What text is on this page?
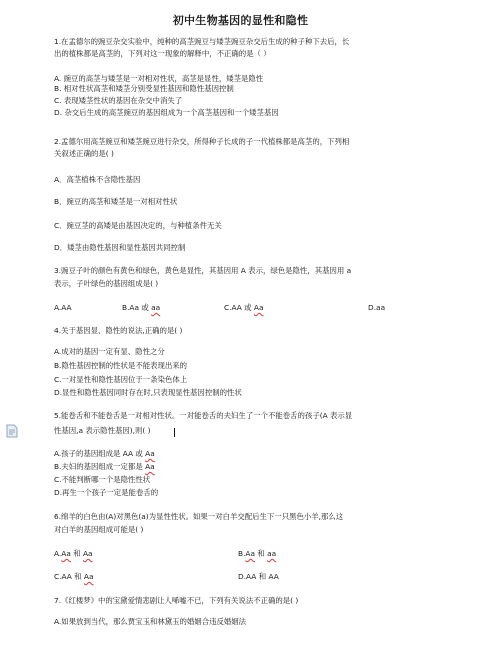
初中生物基因的显性和隐性
1.在孟德尔的豌豆杂交实验中，纯种的高茎豌豆与矮茎豌豆杂交后生成的种子种下去后，长
出的植株都是高茎的，下列对这一现象的解释中，不正确的是（ ）
A. 豌豆的高茎与矮茎是一对相对性状，高茎是显性，矮茎是隐性
B. 相对性状高茎和矮茎分别受显性基因和隐性基因控制
C. 表现矮茎性状的基因在杂交中消失了
D. 杂交后生成的高茎豌豆的基因组成为一个高茎基因和一个矮茎基因
2.孟德尔用高茎豌豆和矮茎豌豆进行杂交，所得种子长成的子一代植株都是高茎的，下列相
关叙述正确的是( )
A．高茎植株不含隐性基因
B．豌豆的高茎和矮茎是一对相对性状
C．豌豆茎的高矮是由基因决定的，与种植条件无关
D．矮茎由隐性基因和显性基因共同控制
3.豌豆子叶的颜色有黄色和绿色，黄色是显性，其基因用 A 表示，绿色是隐性，其基因用 a
表示，子叶绿色的基因组成是( )
A.AA	B.Aa 或 aa	C.AA 或 Aa	D.aa
4.关于基因显、隐性的说法,正确的是( )
A.成对的基因一定有显、隐性之分
B.隐性基因控制的性状是不能表现出来的
C.一对显性和隐性基因位于一条染色体上
D.显性和隐性基因同时存在时,只表现显性基因控制的性状
5.能卷舌和不能卷舌是一对相对性状。一对能卷舌的夫妇生了一个不能卷舌的孩子(A 表示显
性基因,a 表示隐性基因),则( )
A.孩子的基因组成是 AA 或 Aa
B.夫妇的基因组成一定都是 Aa
C.不能判断哪一个是隐性性状
D.再生一个孩子一定是能卷舌的
6.绵羊的白色由(A)对黑色(a)为显性性状。如果一对白羊交配后生下一只黑色小羊,那么这
对白羊的基因组成可能是( )
A.Aa 和 Aa	B.Aa 和 aa
C.AA 和 Aa	D.AA 和 AA
7.《红楼梦》中的宝黛爱情悲剧让人唏嘘不已，下列有关说法不正确的是( )
A.如果放到当代，那么贾宝玉和林黛玉的婚姻合违反婚姻法
